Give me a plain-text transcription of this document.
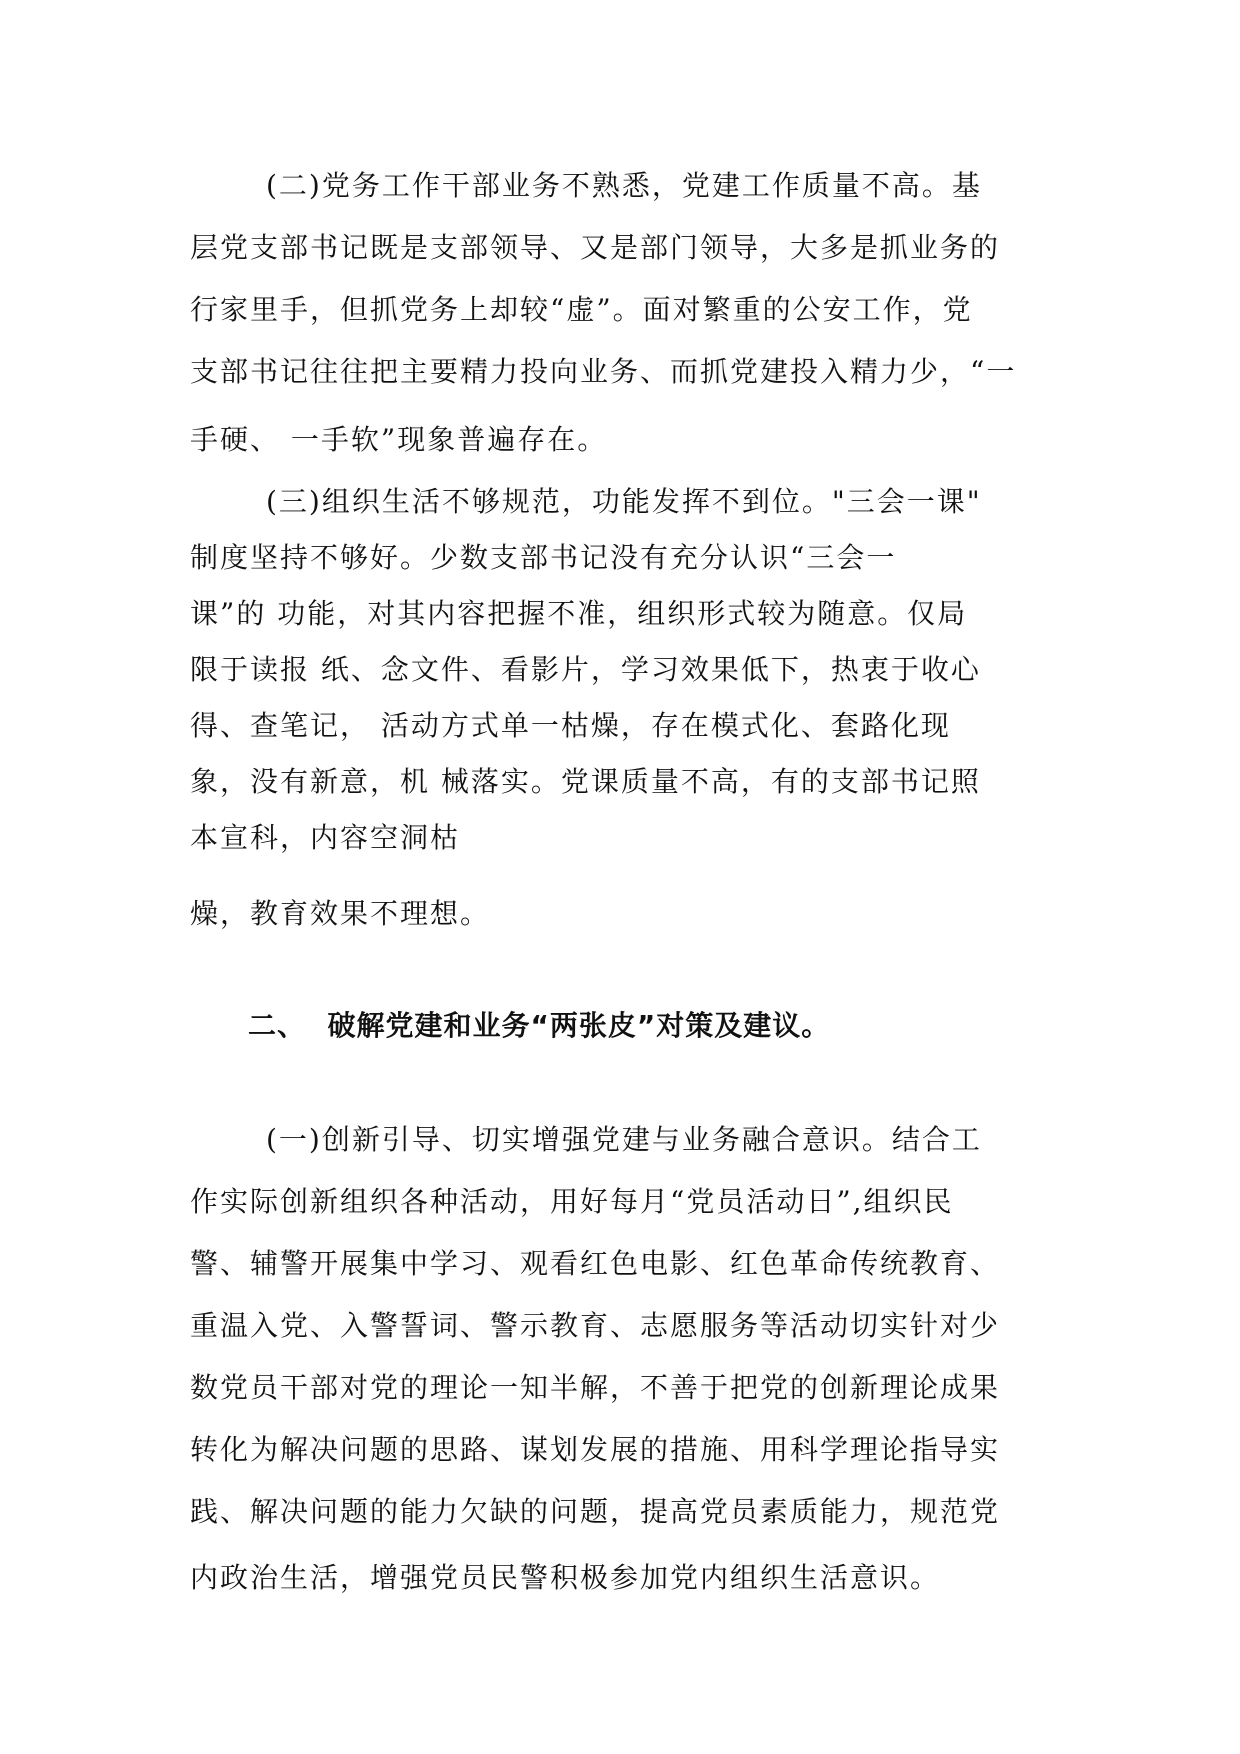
(二)党务工作干部业务不熟悉，党建工作质量不高。基
层党支部书记既是支部领导、又是部门领导，大多是抓业务的
行家里手，但抓党务上却较“虚”。面对繁重的公安工作，党
支部书记往往把主要精力投向业务、而抓党建投入精力少，“一
手硬、 一手软”现象普遍存在。
(三)组织生活不够规范，功能发挥不到位。"三会一课"
制度坚持不够好。少数支部书记没有充分认识“三会一
课”的 功能，对其内容把握不准，组织形式较为随意。仅局
限于读报 纸、念文件、看影片，学习效果低下，热衷于收心
得、查笔记， 活动方式单一枯燥，存在模式化、套路化现
象，没有新意，机 械落实。党课质量不高，有的支部书记照
本宣科，内容空洞枯
燥，教育效果不理想。
二、  破解党建和业务“两张皮”对策及建议。
(一)创新引导、切实增强党建与业务融合意识。结合工
作实际创新组织各种活动，用好每月“党员活动日”,组织民
警、辅警开展集中学习、观看红色电影、红色革命传统教育、
重温入党、入警誓词、警示教育、志愿服务等活动切实针对少
数党员干部对党的理论一知半解，不善于把党的创新理论成果
转化为解决问题的思路、谋划发展的措施、用科学理论指导实
践、解决问题的能力欠缺的问题，提高党员素质能力，规范党
内政治生活，增强党员民警积极参加党内组织生活意识。
